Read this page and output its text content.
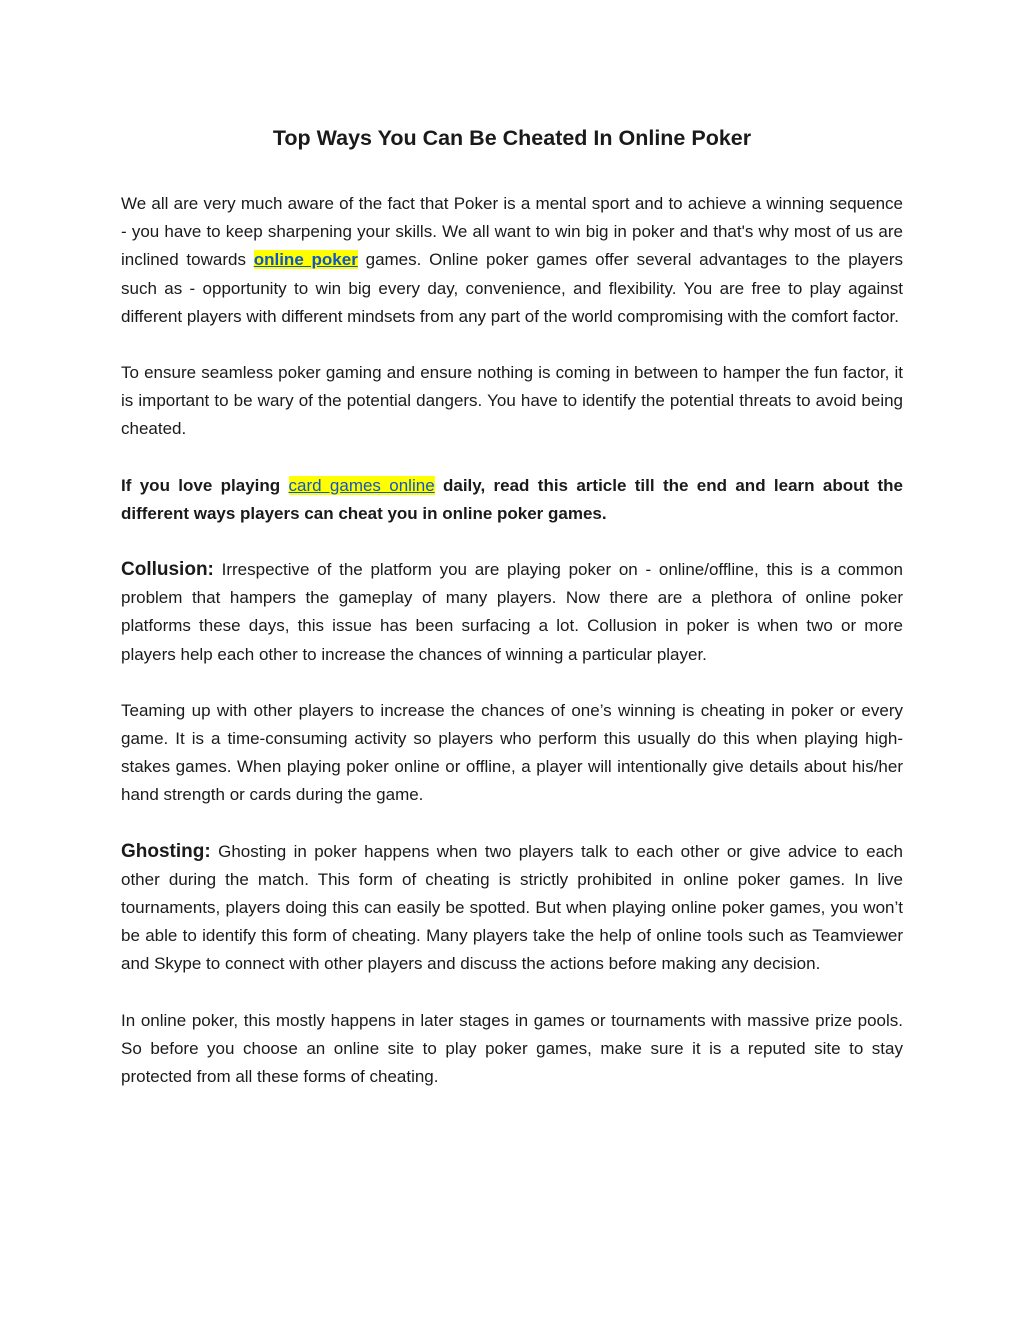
Top Ways You Can Be Cheated In Online Poker

We all are very much aware of the fact that Poker is a mental sport and to achieve a winning sequence - you have to keep sharpening your skills. We all want to win big in poker and that's why most of us are inclined towards online poker games. Online poker games offer several advantages to the players such as - opportunity to win big every day, convenience, and flexibility. You are free to play against different players with different mindsets from any part of the world compromising with the comfort factor.

To ensure seamless poker gaming and ensure nothing is coming in between to hamper the fun factor, it is important to be wary of the potential dangers. You have to identify the potential threats to avoid being cheated.

If you love playing card games online daily, read this article till the end and learn about the different ways players can cheat you in online poker games.

Collusion: Irrespective of the platform you are playing poker on - online/offline, this is a common problem that hampers the gameplay of many players. Now there are a plethora of online poker platforms these days, this issue has been surfacing a lot. Collusion in poker is when two or more players help each other to increase the chances of winning a particular player.

Teaming up with other players to increase the chances of one’s winning is cheating in poker or every game. It is a time-consuming activity so players who perform this usually do this when playing high-stakes games. When playing poker online or offline, a player will intentionally give details about his/her hand strength or cards during the game.

Ghosting: Ghosting in poker happens when two players talk to each other or give advice to each other during the match. This form of cheating is strictly prohibited in online poker games. In live tournaments, players doing this can easily be spotted. But when playing online poker games, you won’t be able to identify this form of cheating. Many players take the help of online tools such as Teamviewer and Skype to connect with other players and discuss the actions before making any decision.

In online poker, this mostly happens in later stages in games or tournaments with massive prize pools. So before you choose an online site to play poker games, make sure it is a reputed site to stay protected from all these forms of cheating.
